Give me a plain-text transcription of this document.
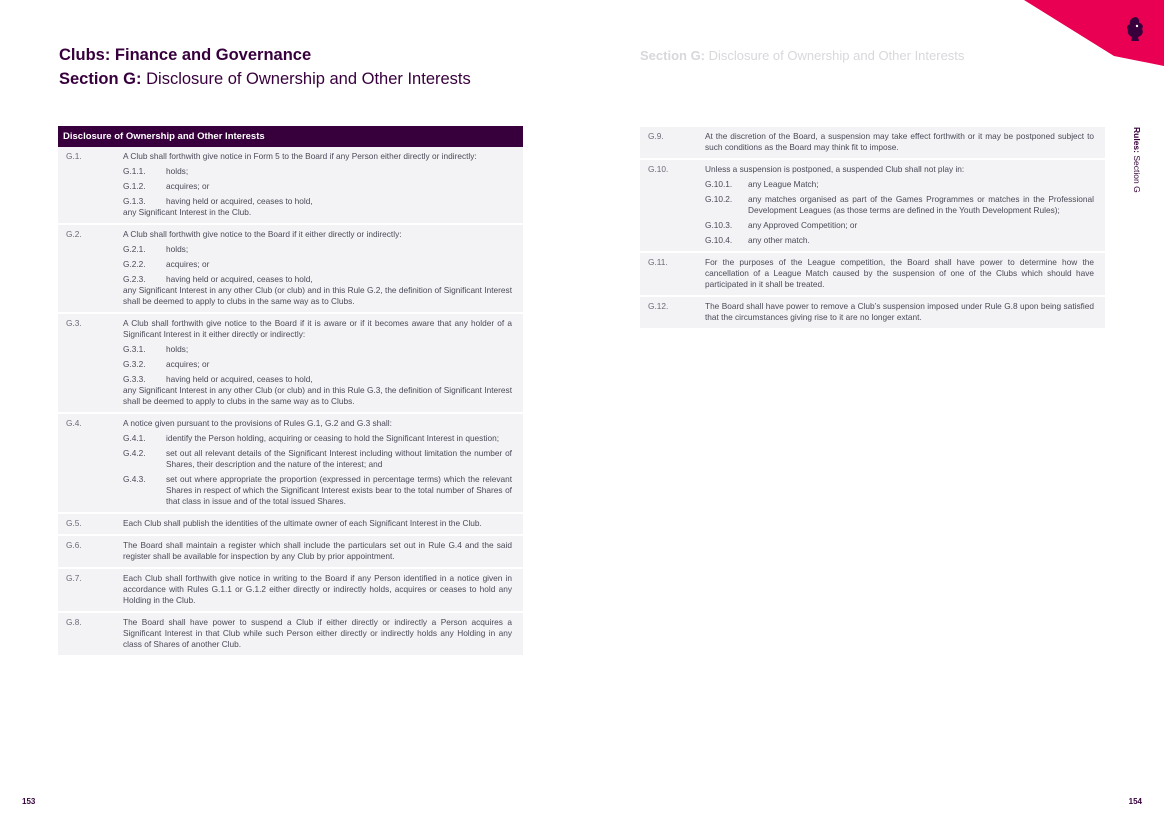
Clubs: Finance and Governance
Section G: Disclosure of Ownership and Other Interests
Section G: Disclosure of Ownership and Other Interests
Rules: Section G
Disclosure of Ownership and Other Interests
G.1.	A Club shall forthwith give notice in Form 5 to the Board if any Person either directly or indirectly:

G.1.1.	holds;
G.1.2.	acquires; or
G.1.3.	having held or acquired, ceases to hold,

any Significant Interest in the Club.

G.2.	A Club shall forthwith give notice to the Board if it either directly or indirectly:

G.2.1.	holds;
G.2.2.	acquires; or
G.2.3.	having held or acquired, ceases to hold,

any Significant Interest in any other Club (or club) and in this Rule G.2, the definition of Significant Interest shall be deemed to apply to clubs in the same way as to Clubs.

G.3.	A Club shall forthwith give notice to the Board if it is aware or if it becomes aware that any holder of a Significant Interest in it either directly or indirectly:

G.3.1.	holds;
G.3.2.	acquires; or
G.3.3.	having held or acquired, ceases to hold,

any Significant Interest in any other Club (or club) and in this Rule G.3, the definition of Significant Interest shall be deemed to apply to clubs in the same way as to Clubs.

G.4.	A notice given pursuant to the provisions of Rules G.1, G.2 and G.3 shall:

G.4.1.	identify the Person holding, acquiring or ceasing to hold the Significant Interest in question;
G.4.2.	set out all relevant details of the Significant Interest including without limitation the number of Shares, their description and the nature of the interest; and
G.4.3.	set out where appropriate the proportion (expressed in percentage terms) which the relevant Shares in respect of which the Significant Interest exists bear to the total number of Shares of that class in issue and of the total issued Shares.
G.5.	Each Club shall publish the identities of the ultimate owner of each Significant Interest in the Club.

G.6.	The Board shall maintain a register which shall include the particulars set out in Rule G.4 and the said register shall be available for inspection by any Club by prior appointment.

G.7.	Each Club shall forthwith give notice in writing to the Board if any Person identified in a notice given in accordance with Rules G.1.1 or G.1.2 either directly or indirectly holds, acquires or ceases to hold any Holding in the Club.

G.8.	The Board shall have power to suspend a Club if either directly or indirectly a Person acquires a Significant Interest in that Club while such Person either directly or indirectly holds any Holding in any class of Shares of another Club.

G.9.	At the discretion of the Board, a suspension may take effect forthwith or it may be postponed subject to such conditions as the Board may think fit to impose.

G.10.	Unless a suspension is postponed, a suspended Club shall not play in:

G.10.1.	any League Match;
G.10.2.	any matches organised as part of the Games Programmes or matches in the Professional Development Leagues (as those terms are defined in the Youth Development Rules);
G.10.3.	any Approved Competition; or
G.10.4.	any other match.
G.11.	For the purposes of the League competition, the Board shall have power to determine how the cancellation of a League Match caused by the suspension of one of the Clubs which should have participated in it shall be treated.

G.12.	The Board shall have power to remove a Club’s suspension imposed under Rule G.8 upon being satisfied that the circumstances giving rise to it are no longer extant.

153	154
